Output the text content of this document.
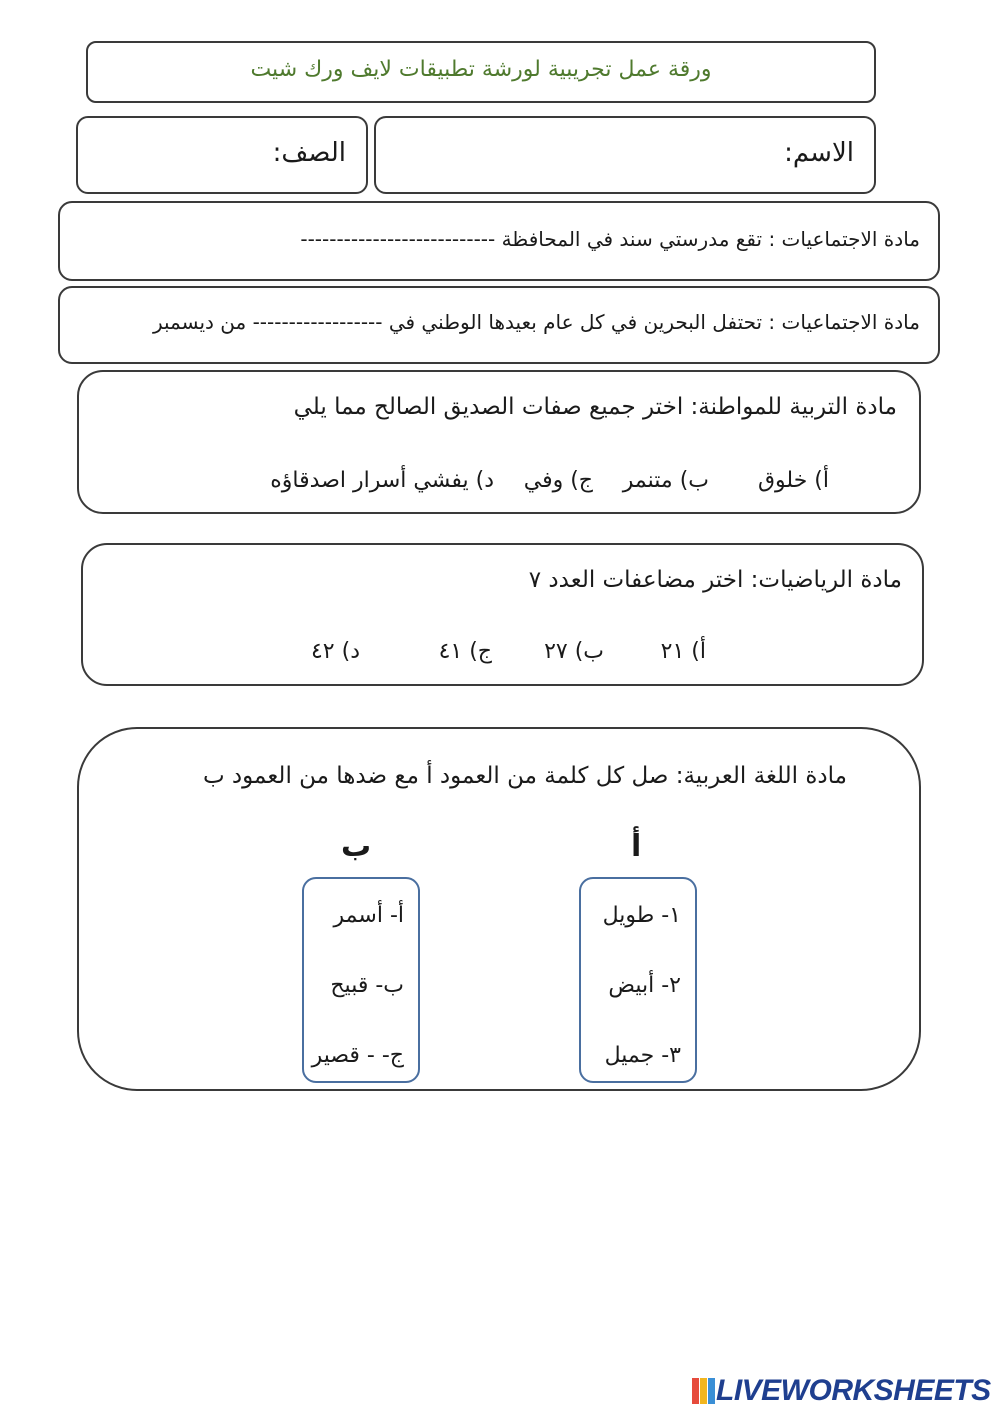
ورقة عمل تجريبية لورشة تطبيقات لايف ورك شيت
الاسم:
الصف:
مادة الاجتماعيات : تقع مدرستي سند في المحافظة ---------------------------
مادة الاجتماعيات : تحتفل البحرين في كل عام بعيدها الوطني في ------------------ من ديسمبر
مادة التربية للمواطنة: اختر جميع صفات الصديق الصالح مما يلي
أ) خلوق
ب) متنمر
ج) وفي
د) يفشي أسرار اصدقاؤه
مادة الرياضيات: اختر مضاعفات العدد ٧
أ) ٢١
ب) ٢٧
ج) ٤١
د) ٤٢
مادة اللغة العربية: صل كل كلمة من العمود أ مع ضدها من العمود ب
أ
١- طويل
٢- أبيض
٣- جميل
ب
أ- أسمر
ب- قبيح
ج- - قصير
LIVEWORKSHEETS
